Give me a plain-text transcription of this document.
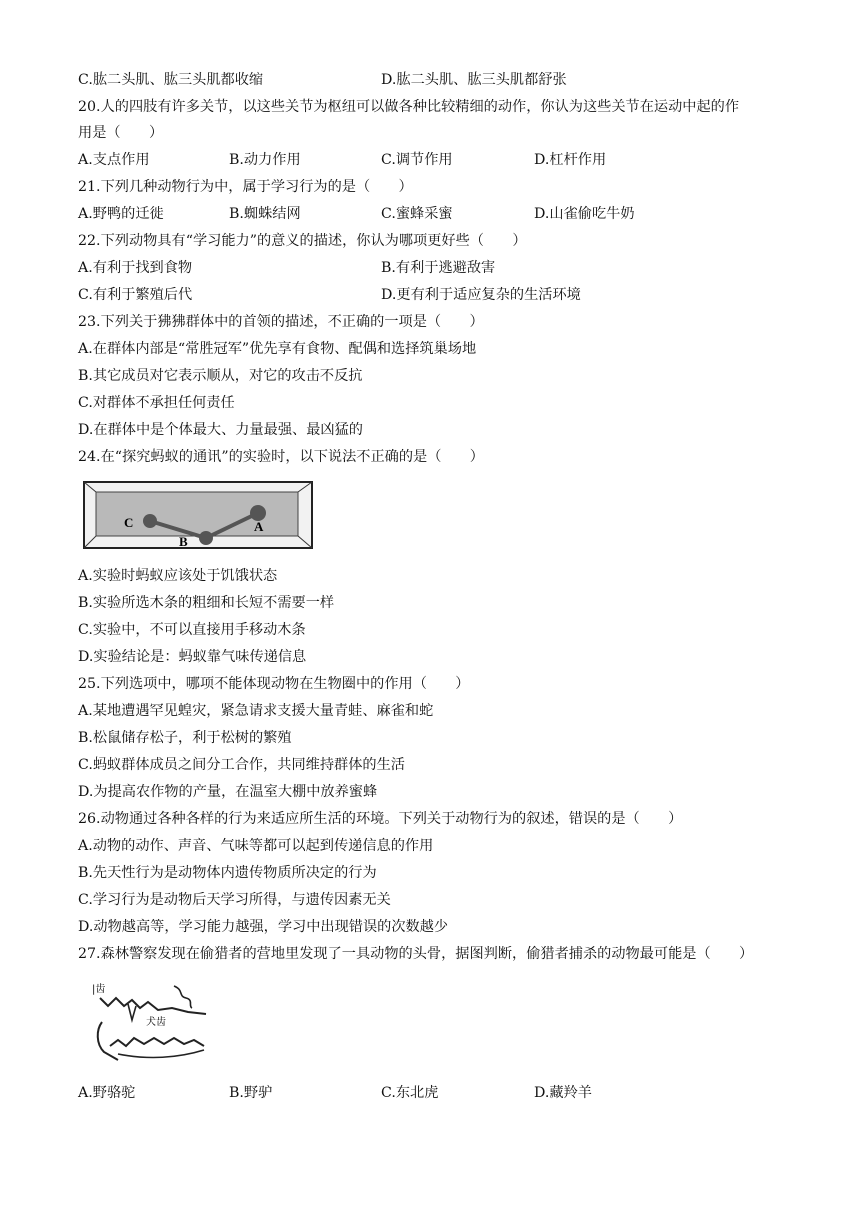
C.肱二头肌、肱三头肌都收缩	D.肱二头肌、肱三头肌都舒张
20.人的四肢有许多关节，以这些关节为枢纽可以做各种比较精细的动作，你认为这些关节在运动中起的作
用是（　　）
A.支点作用	B.动力作用	C.调节作用	D.杠杆作用
21.下列几种动物行为中，属于学习行为的是（　　）
A.野鸭的迁徙	B.蜘蛛结网	C.蜜蜂采蜜	D.山雀偷吃牛奶
22.下列动物具有“学习能力”的意义的描述，你认为哪项更好些（　　）
A.有利于找到食物	B.有利于逃避敌害
C.有利于繁殖后代	D.更有利于适应复杂的生活环境
23.下列关于狒狒群体中的首领的描述，不正确的一项是（　　）
A.在群体内部是“常胜冠军”优先享有食物、配偶和选择筑巢场地
B.其它成员对它表示顺从，对它的攻击不反抗
C.对群体不承担任何责任
D.在群体中是个体最大、力量最强、最凶猛的
24.在“探究蚂蚁的通讯”的实验时，以下说法不正确的是（　　）
C
B
A
A.实验时蚂蚁应该处于饥饿状态
B.实验所选木条的粗细和长短不需要一样
C.实验中，不可以直接用手移动木条
D.实验结论是：蚂蚁靠气味传递信息
25.下列选项中，哪项不能体现动物在生物圈中的作用（　　）
A.某地遭遇罕见蝗灾，紧急请求支援大量青蛙、麻雀和蛇
B.松鼠储存松子，利于松树的繁殖
C.蚂蚁群体成员之间分工合作，共同维持群体的生活
D.为提高农作物的产量，在温室大棚中放养蜜蜂
26.动物通过各种各样的行为来适应所生活的环境。下列关于动物行为的叙述，错误的是（　　）
A.动物的动作、声音、气味等都可以起到传递信息的作用
B.先天性行为是动物体内遗传物质所决定的行为
C.学习行为是动物后天学习所得，与遗传因素无关
D.动物越高等，学习能力越强，学习中出现错误的次数越少
27.森林警察发现在偷猎者的营地里发现了一具动物的头骨，据图判断，偷猎者捕杀的动物最可能是（　　）
|齿
犬齿
A.野骆驼	B.野驴	C.东北虎	D.藏羚羊
